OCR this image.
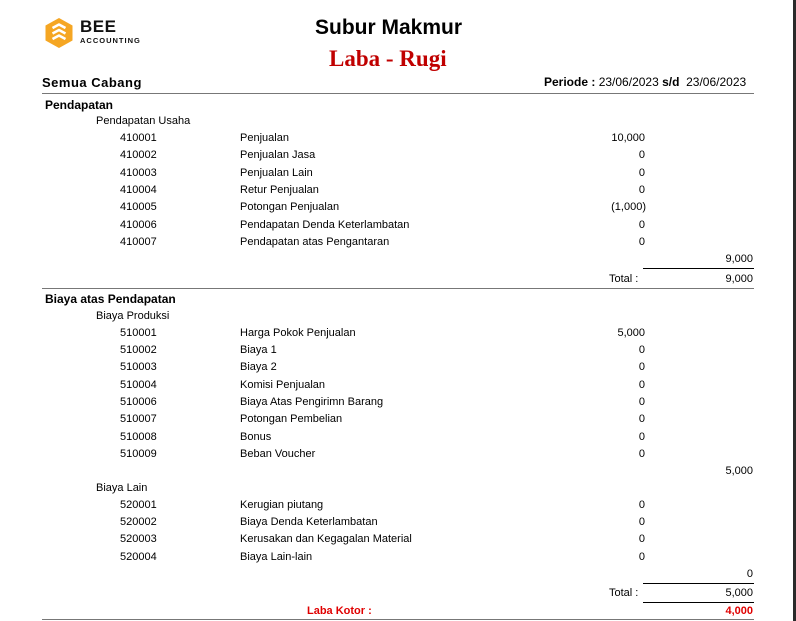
BEE
ACCOUNTING
Subur Makmur
Laba - Rugi
Semua Cabang	Periode : 23/06/2023 s/d 23/06/2023
Pendapatan
Pendapatan Usaha
410001	Penjualan	10,000
410002	Penjualan Jasa	0
410003	Penjualan Lain	0
410004	Retur Penjualan	0
410005	Potongan Penjualan	(1,000)
410006	Pendapatan Denda Keterlambatan	0
410007	Pendapatan atas Pengantaran	0
9,000
Total :	9,000
Biaya atas Pendapatan
Biaya Produksi
510001	Harga Pokok Penjualan	5,000
510002	Biaya 1	0
510003	Biaya 2	0
510004	Komisi Penjualan	0
510006	Biaya Atas Pengirimn Barang	0
510007	Potongan Pembelian	0
510008	Bonus	0
510009	Beban Voucher	0
5,000
Biaya Lain
520001	Kerugian piutang	0
520002	Biaya Denda Keterlambatan	0
520003	Kerusakan dan Kegagalan Material	0
520004	Biaya Lain-lain	0
0
Total :	5,000
Laba Kotor :	4,000
